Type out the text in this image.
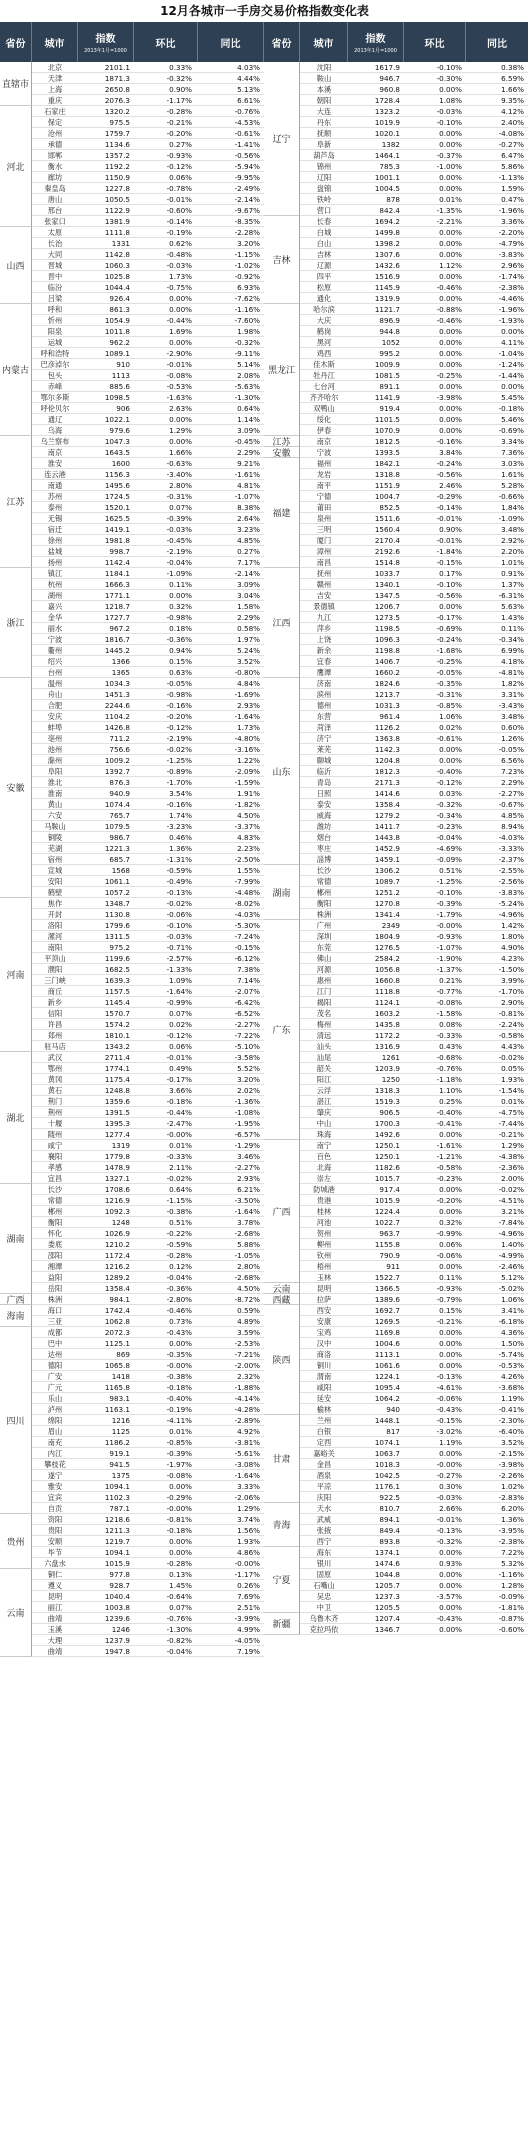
12月各城市一手房交易价格指数变化表
省份	城市	指数
2013年1月=1000
环比	同比	省份	城市	指数
2013年1月=1000
环比	同比
直辖市
北京	2101.1	0.33%	4.03%
天津	1871.3	-0.32%	4.44%
上海	2650.8	0.90%	5.13%
重庆	2076.3	-1.17%	6.61%
河北
石家庄	1320.2	-0.28%	-0.76%
保定	975.5	-0.21%	-4.53%
沧州	1759.7	-0.20%	-0.61%
承德	1134.6	0.27%	-1.41%
邯郸	1357.2	-0.93%	-0.56%
衡水	1192.2	-0.12%	-5.94%
廊坊	1150.9	0.06%	-9.95%
秦皇岛	1227.8	-0.78%	-2.49%
唐山	1050.5	-0.01%	-2.14%
邢台	1122.9	-0.60%	-9.67%
张家口	1381.9	-0.14%	-8.35%
山西
太原	1111.8	-0.19%	-2.28%
长治	1331	0.62%	3.20%
大同	1142.8	-0.48%	-1.15%
晋城	1060.3	-0.03%	-1.02%
晋中	1025.8	1.73%	-0.92%
临汾	1044.4	-0.75%	6.93%
吕梁	926.4	0.00%	-7.62%
内蒙古
呼和	861.3	0.00%	-1.16%
忻州	1054.9	-0.44%	-7.60%
阳泉	1011.8	1.69%	1.98%
运城	962.2	0.00%	-0.32%
呼和浩特	1089.1	-2.90%	-9.11%
巴彦淖尔	910	-0.01%	5.14%
包头	1113	-0.08%	2.08%
赤峰	885.6	-0.53%	-5.63%
鄂尔多斯	1098.5	-1.63%	-1.30%
呼伦贝尔	906	2.63%	0.64%
通辽	1022.1	0.00%	1.14%
乌海	979.6	1.29%	3.09%
江苏
乌兰察布	1047.3	0.00%	-0.45%
南京	1643.5	1.66%	2.29%
淮安	1600	-0.63%	9.21%
连云港	1156.3	-3.40%	-1.61%
南通	1495.6	2.80%	4.81%
苏州	1724.5	-0.31%	-1.07%
泰州	1520.1	0.07%	8.38%
无锡	1625.5	-0.39%	2.64%
宿迁	1419.1	-0.03%	3.23%
徐州	1981.8	-0.45%	4.85%
盐城	998.7	-2.19%	0.27%
扬州	1142.4	-0.04%	7.17%
浙江
镇江	1184.1	-1.09%	-2.14%
杭州	1666.3	0.11%	3.09%
湖州	1771.1	0.00%	3.04%
嘉兴	1218.7	0.32%	1.58%
金华	1727.7	-0.98%	2.29%
丽水	967.2	0.18%	0.58%
宁波	1816.7	-0.36%	1.97%
衢州	1445.2	0.94%	5.24%
绍兴	1366	0.15%	3.52%
台州	1365	0.63%	-0.80%
安徽
温州	1034.3	-0.05%	4.84%
舟山	1451.3	-0.98%	-1.69%
合肥	2244.6	-0.16%	2.93%
安庆	1104.2	-0.20%	-1.64%
蚌埠	1426.8	-0.12%	1.73%
亳州	711.2	-2.19%	-4.80%
池州	756.6	-0.02%	-3.16%
滁州	1009.2	-1.25%	1.22%
阜阳	1392.7	-0.89%	-2.09%
淮北	876.3	-1.70%	-1.59%
淮南	940.9	3.54%	1.91%
黄山	1074.4	-0.16%	-1.82%
六安	765.7	1.74%	4.50%
马鞍山	1079.5	-3.23%	-3.37%
铜陵	986.7	0.46%	4.83%
芜湖	1221.3	1.36%	2.23%
宿州	685.7	-1.31%	-2.50%
宣城	1568	-0.59%	1.55%
安阳	1061.1	-0.49%	-7.99%
鹤壁	1057.2	-0.13%	-4.48%
河南
焦作	1348.7	-0.02%	-8.02%
开封	1130.8	-0.06%	-4.03%
洛阳	1799.6	-0.10%	-5.30%
漯河	1311.5	-0.03%	-7.24%
南阳	975.2	-0.71%	-0.15%
平顶山	1199.6	-2.57%	-6.12%
濮阳	1682.5	-1.33%	7.38%
三门峡	1639.3	1.09%	7.14%
商丘	1157.5	-1.64%	-2.07%
新乡	1145.4	-0.99%	-6.42%
信阳	1570.7	0.07%	-6.52%
许昌	1574.2	0.02%	-2.27%
郑州	1810.1	-0.12%	-7.22%
驻马店	1343.2	0.06%	-5.10%
湖北
武汉	2711.4	-0.01%	-3.58%
鄂州	1774.1	0.49%	5.52%
黄冈	1175.4	-0.17%	3.20%
黄石	1248.8	3.66%	2.02%
荆门	1359.6	-0.18%	-1.36%
荆州	1391.5	-0.44%	-1.08%
十堰	1395.3	-2.47%	-1.95%
随州	1277.4	-0.00%	-6.57%
咸宁	1319	0.01%	-1.29%
襄阳	1779.8	-0.33%	3.46%
孝感	1478.9	2.11%	-2.27%
宜昌	1327.1	-0.02%	2.93%
湖南
长沙	1708.6	0.64%	6.21%
常德	1216.9	-1.15%	-3.50%
郴州	1092.3	-0.38%	-1.64%
衡阳	1248	0.51%	3.78%
怀化	1026.9	-0.22%	-2.68%
娄底	1210.2	-0.59%	5.88%
邵阳	1172.4	-0.28%	-1.05%
湘潭	1216.2	0.12%	2.80%
益阳	1289.2	-0.04%	-2.68%
岳阳	1358.4	-0.36%	4.50%
广西	株洲	984.1	-2.80%	-8.72%
海南
海口	1742.4	-0.46%	0.59%
三亚	1062.8	0.73%	4.89%
四川
成都	2072.3	-0.43%	3.59%
巴中	1125.1	0.00%	-2.53%
达州	869	-0.35%	-7.21%
德阳	1065.8	-0.00%	-2.00%
广安	1418	-0.38%	2.32%
广元	1165.8	-0.18%	-1.88%
乐山	983.1	-0.40%	-4.14%
泸州	1163.1	-0.19%	-4.28%
绵阳	1216	-4.11%	-2.89%
眉山	1125	0.01%	4.92%
南充	1186.2	-0.85%	-3.81%
内江	919.1	-0.39%	-5.61%
攀枝花	941.5	-1.97%	-3.08%
遂宁	1375	-0.08%	-1.64%
雅安	1094.1	0.00%	3.33%
宜宾	1102.3	-0.29%	-2.06%
自贡	787.1	-0.00%	1.29%
贵州
资阳	1218.6	-0.81%	3.74%
贵阳	1211.3	-0.18%	1.56%
安顺	1219.7	0.00%	1.93%
毕节	1094.1	0.00%	4.86%
六盘水	1015.9	-0.28%	-0.00%
云南
铜仁	977.8	0.13%	-1.17%
遵义	928.7	1.45%	0.26%
昆明	1040.4	-0.64%	7.69%
丽江	1003.8	0.07%	2.51%
曲靖	1239.6	-0.76%	-3.99%
玉溪	1246	-1.30%	4.99%
大理	1237.9	-0.82%	-4.05%
曲靖	1947.8	-0.04%	7.19%
辽宁
沈阳	1617.9	-0.10%	0.38%
鞍山	946.7	-0.30%	6.59%
本溪	960.8	0.00%	1.66%
朝阳	1728.4	1.08%	9.35%
大连	1323.2	-0.03%	4.12%
丹东	1019.9	-0.10%	2.40%
抚顺	1020.1	0.00%	-4.08%
阜新	1382	0.00%	-0.27%
葫芦岛	1464.1	-0.37%	6.47%
锦州	785.3	-1.00%	5.86%
辽阳	1001.1	0.00%	-1.13%
盘锦	1004.5	0.00%	1.59%
铁岭	878	0.01%	0.47%
营口	842.4	-1.35%	-1.96%
吉林
长春	1694.2	-2.21%	3.36%
白城	1499.8	0.00%	-2.20%
白山	1398.2	0.00%	-4.79%
吉林	1307.6	0.00%	-3.83%
辽源	1432.6	1.12%	2.96%
四平	1516.9	0.00%	-1.74%
松原	1145.9	-0.46%	-2.38%
通化	1319.9	0.00%	-4.46%
黑龙江
哈尔滨	1121.7	-0.88%	-1.96%
大庆	896.9	-0.46%	-1.93%
鹤岗	944.8	0.00%	0.00%
黑河	1052	0.00%	4.11%
鸡西	995.2	0.00%	-1.04%
佳木斯	1009.9	0.00%	-1.24%
牡丹江	1081.5	-0.25%	-1.44%
七台河	891.1	0.00%	0.00%
齐齐哈尔	1141.9	-3.98%	5.45%
双鸭山	919.4	0.00%	-0.18%
绥化	1101.5	0.00%	5.46%
伊春	1070.9	0.00%	-0.69%
江苏	南京	1812.5	-0.16%	3.34%
安徽	宁波	1393.5	3.84%	7.36%
福建
福州	1842.1	-0.24%	3.03%
龙岩	1318.8	-0.56%	1.61%
南平	1151.9	2.46%	5.28%
宁德	1004.7	-0.29%	-0.66%
莆田	852.5	-0.14%	1.84%
泉州	1511.6	-0.01%	-1.09%
三明	1560.4	0.90%	3.48%
厦门	2170.4	-0.01%	2.92%
漳州	2192.6	-1.84%	2.20%
南昌	1514.8	-0.15%	1.01%
江西
抚州	1033.7	0.17%	0.91%
赣州	1340.1	-0.10%	1.37%
吉安	1347.5	-0.56%	-6.31%
景德镇	1206.7	0.00%	5.63%
九江	1273.5	-0.17%	1.43%
萍乡	1198.5	-0.69%	0.11%
上饶	1096.3	-0.24%	-0.34%
新余	1198.8	-1.68%	6.99%
宜春	1406.7	-0.25%	4.18%
鹰潭	1660.2	-0.05%	-4.81%
山东
济南	1824.6	-0.35%	1.82%
滨州	1213.7	-0.31%	3.31%
德州	1031.3	-0.85%	-3.43%
东营	961.4	1.06%	3.48%
菏泽	1126.2	0.02%	0.60%
济宁	1363.8	-0.61%	1.26%
莱芜	1142.3	0.00%	-0.05%
聊城	1204.8	0.00%	6.56%
临沂	1812.3	-0.40%	7.23%
青岛	2171.3	-0.12%	2.29%
日照	1414.6	0.03%	-2.27%
泰安	1358.4	-0.32%	-0.67%
威海	1279.2	-0.34%	4.85%
潍坊	1411.7	-0.23%	8.94%
烟台	1443.8	-0.04%	-4.03%
枣庄	1452.9	-4.69%	-3.33%
淄博	1459.1	-0.09%	-2.37%
湖南
长沙	1306.2	0.51%	-2.55%
常德	1089.7	-1.25%	-2.56%
郴州	1251.2	-0.10%	-3.83%
衡阳	1270.8	-0.39%	-5.24%
株洲	1341.4	-1.79%	-4.96%
广东
广州	2349	-0.00%	1.42%
深圳	1804.9	-0.93%	1.80%
东莞	1276.5	-1.07%	4.90%
佛山	2584.2	-1.90%	4.23%
河源	1056.8	-1.37%	-1.50%
惠州	1660.8	0.21%	3.99%
江门	1118.8	-0.77%	-1.70%
揭阳	1124.1	-0.08%	2.90%
茂名	1603.2	-1.58%	-0.81%
梅州	1435.8	0.08%	-2.24%
清远	1172.2	-0.33%	-0.58%
汕头	1316.9	0.43%	4.43%
汕尾	1261	-0.68%	-0.02%
韶关	1203.9	-0.76%	0.05%
阳江	1250	-1.18%	1.93%
云浮	1318.3	1.10%	-1.54%
湛江	1519.3	0.25%	0.01%
肇庆	906.5	-0.40%	-4.75%
中山	1700.3	-0.41%	-7.44%
珠海	1492.6	0.00%	-0.21%
广西
南宁	1250.1	-1.61%	1.29%
百色	1250.1	-1.21%	-4.38%
北海	1182.6	-0.58%	-2.36%
崇左	1015.7	-0.23%	2.00%
防城港	917.4	0.00%	-0.02%
贵港	1015.9	-0.20%	-4.51%
桂林	1224.4	0.00%	3.21%
河池	1022.7	0.32%	-7.84%
贺州	963.7	-0.99%	-4.96%
柳州	1155.8	0.06%	1.40%
钦州	790.9	-0.06%	-4.99%
梧州	911	0.00%	-2.46%
玉林	1522.7	0.11%	5.12%
云南	昆明	1366.5	-0.93%	-5.02%
西藏	拉萨	1389.6	-0.79%	1.06%
陕西
西安	1692.7	0.15%	3.41%
安康	1269.5	-0.21%	-6.18%
宝鸡	1169.8	0.00%	4.36%
汉中	1004.6	0.00%	1.50%
商洛	1113.1	0.00%	-5.74%
铜川	1061.6	0.00%	-0.53%
渭南	1224.1	-0.13%	4.26%
咸阳	1095.4	-4.61%	-3.68%
延安	1064.2	-0.06%	1.19%
榆林	940	-0.43%	-0.41%
甘肃
兰州	1448.1	-0.15%	-2.30%
白银	817	-3.02%	-6.40%
定西	1074.1	1.19%	3.52%
嘉峪关	1063.7	0.00%	-2.15%
金昌	1018.3	-0.00%	-3.98%
酒泉	1042.5	-0.27%	-2.26%
平凉	1176.1	0.30%	1.02%
庆阳	922.5	-0.03%	-2.83%
青海
天水	810.7	2.66%	6.20%
武威	894.1	-0.01%	1.36%
张掖	849.4	-0.13%	-3.95%
西宁	893.8	-0.32%	-2.38%
宁夏
海东	1374.1	0.00%	7.22%
银川	1474.6	0.93%	5.32%
固原	1044.8	0.00%	-1.16%
石嘴山	1205.7	0.00%	1.28%
吴忠	1237.3	-3.57%	-0.09%
中卫	1205.5	0.00%	-1.81%
新疆
乌鲁木齐	1207.4	-0.43%	-0.87%
克拉玛依	1346.7	0.00%	-0.60%
